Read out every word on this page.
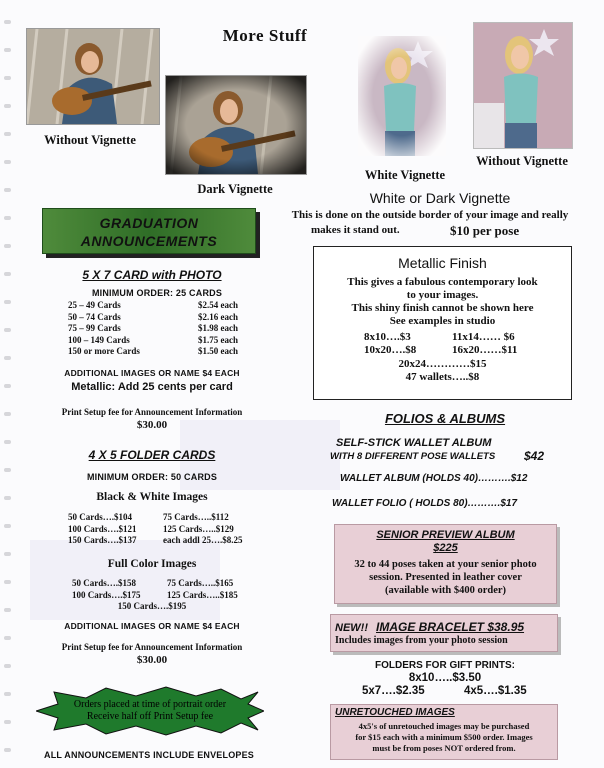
More Stuff
Without Vignette
Dark Vignette
White Vignette
Without Vignette
White or Dark Vignette
This is done on the outside border of your image and really
makes it stand out.	$10 per pose
GRADUATION
ANNOUNCEMENTS
5 X 7 CARD with PHOTO
MINIMUM ORDER: 25 CARDS
25 – 49 Cards	$2.54 each
50 – 74 Cards	$2.16 each
75 – 99 Cards	$1.98 each
100 – 149 Cards	$1.75 each
150 or more Cards	$1.50 each
ADDITIONAL IMAGES OR NAME $4 EACH
Metallic: Add 25 cents per card
Print Setup fee for Announcement Information
$30.00
4 X 5 FOLDER CARDS
MINIMUM ORDER: 50 CARDS
Black & White Images
50 Cards….$104	75 Cards…..$112
100 Cards….$121	125 Cards…..$129
150 Cards….$137	each addl 25….$8.25
Full Color Images
50 Cards….$158	75 Cards…..$165
100 Cards….$175	125 Cards…..$185
150 Cards….$195
ADDITIONAL IMAGES OR NAME $4 EACH
Print Setup fee for Announcement Information
$30.00
Orders placed at time of portrait order
Receive half off Print Setup fee
ALL ANNOUNCEMENTS INCLUDE ENVELOPES
Metallic Finish
This gives a fabulous contemporary look
to your images.
This shiny finish cannot be shown here
See examples in studio
8x10….$3	11x14…… $6
10x20….$8	16x20……$11
20x24…………$15
47 wallets…..$8
FOLIOS & ALBUMS
SELF-STICK WALLET ALBUM
WITH 8 DIFFERENT POSE WALLETS $42
WALLET ALBUM (HOLDS 40)……….$12
WALLET FOLIO ( HOLDS 80)……….$17
SENIOR PREVIEW ALBUM
$225
32 to 44 poses taken at your senior photo
session. Presented in leather cover
(available with $400 order)
NEW!! IMAGE BRACELET $38.95
Includes images from your photo session
FOLDERS FOR GIFT PRINTS:
8x10…..$3.50
5x7….$2.35	4x5….$1.35
UNRETOUCHED IMAGES
4x5's of unretouched images may be purchased
for $15 each with a minimum $500 order. Images
must be from poses NOT ordered from.
